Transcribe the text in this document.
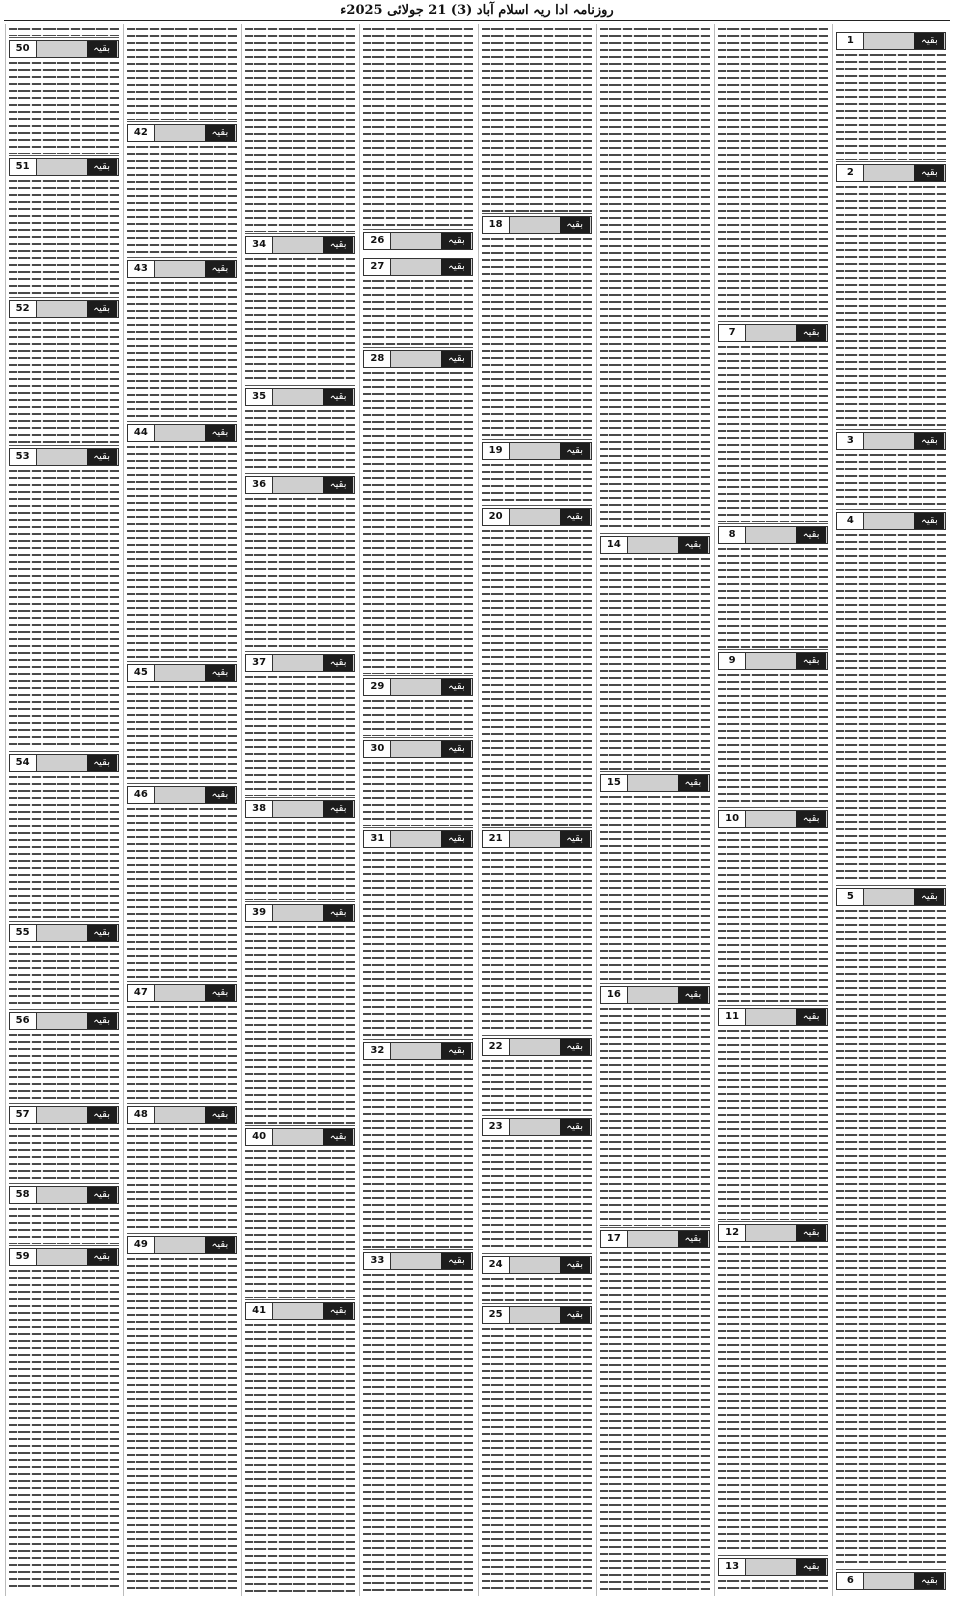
روزنامہ ادا ریہ اسلام آباد (3) 21 جولائی 2025ء
1	بقیہ
2	بقیہ
3	بقیہ
4	بقیہ
5	بقیہ
6	بقیہ
7	بقیہ
8	بقیہ
9	بقیہ
10	بقیہ
11	بقیہ
12	بقیہ
13	بقیہ
14	بقیہ
15	بقیہ
16	بقیہ
17	بقیہ
18	بقیہ
19	بقیہ
20	بقیہ
21	بقیہ
22	بقیہ
23	بقیہ
24	بقیہ
25	بقیہ
26	بقیہ
27	بقیہ
28	بقیہ
29	بقیہ
30	بقیہ
31	بقیہ
32	بقیہ
33	بقیہ
34	بقیہ
35	بقیہ
36	بقیہ
37	بقیہ
38	بقیہ
39	بقیہ
40	بقیہ
41	بقیہ
42	بقیہ
43	بقیہ
44	بقیہ
45	بقیہ
46	بقیہ
47	بقیہ
48	بقیہ
49	بقیہ
50	بقیہ
51	بقیہ
52	بقیہ
53	بقیہ
54	بقیہ
55	بقیہ
56	بقیہ
57	بقیہ
58	بقیہ
59	بقیہ
